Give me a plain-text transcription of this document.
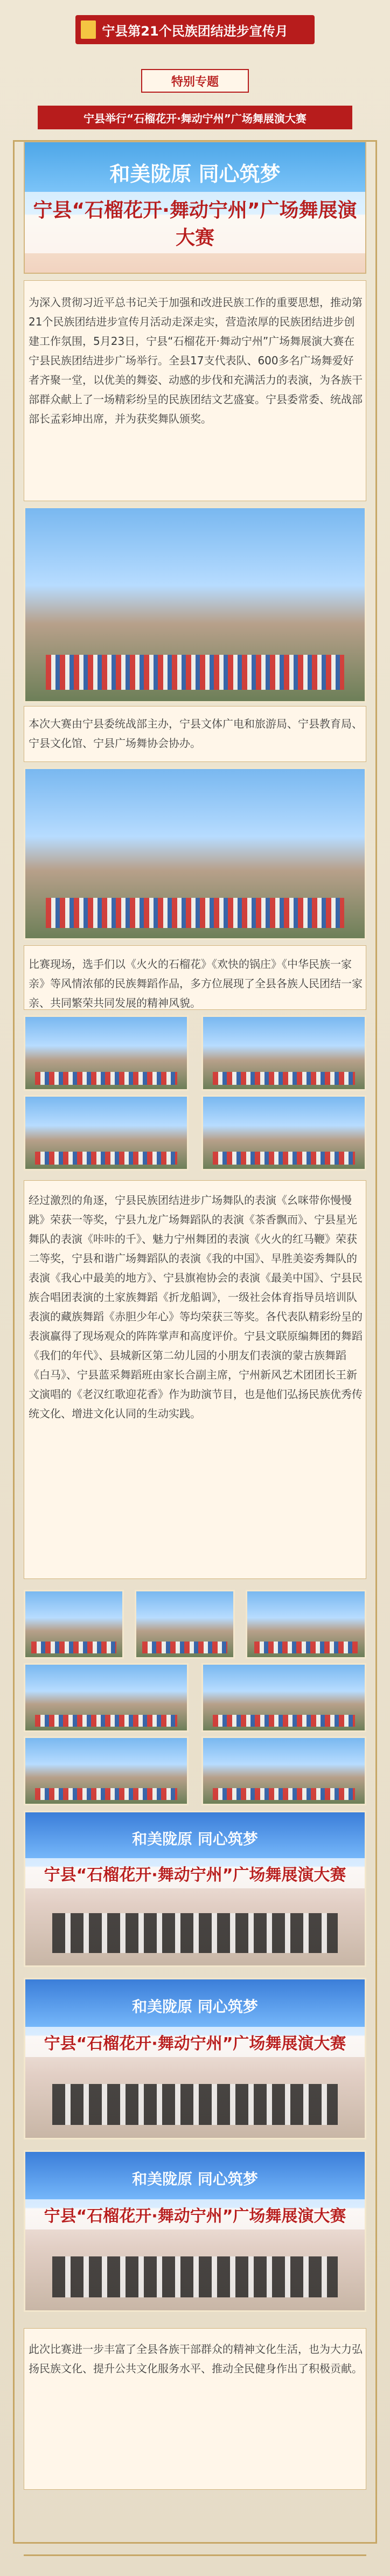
宁县第21个民族团结进步宣传月
特别专题
宁县举行“石榴花开·舞动宁州”广场舞展演大赛
和美陇原 同心筑梦
宁县“石榴花开·舞动宁州”广场舞展演大赛
为深入贯彻习近平总书记关于加强和改进民族工作的重要思想，推动第21个民族团结进步宣传月活动走深走实，营造浓厚的民族团结进步创建工作氛围，5月23日，宁县“石榴花开·舞动宁州”广场舞展演大赛在宁县民族团结进步广场举行。全县17支代表队、600多名广场舞爱好者齐聚一堂，以优美的舞姿、动感的步伐和充满活力的表演，为各族干部群众献上了一场精彩纷呈的民族团结文艺盛宴。宁县委常委、统战部部长孟彩坤出席，并为获奖舞队颁奖。
本次大赛由宁县委统战部主办，宁县文体广电和旅游局、宁县教育局、宁县文化馆、宁县广场舞协会协办。
比赛现场，选手们以《火火的石榴花》《欢快的锅庄》《中华民族一家亲》等风情浓郁的民族舞蹈作品，多方位展现了全县各族人民团结一家亲、共同繁荣共同发展的精神风貌。
经过激烈的角逐，宁县民族团结进步广场舞队的表演《幺咪带你慢慢跳》荣获一等奖，宁县九龙广场舞蹈队的表演《茶香飘而》、宁县星光舞队的表演《咔咔的千》、魅力宁州舞团的表演《火火的红马鞭》荣获二等奖，宁县和谐广场舞蹈队的表演《我的中国》、早胜美姿秀舞队的表演《我心中最美的地方》、宁县旗袍协会的表演《最美中国》、宁县民族合唱团表演的土家族舞蹈《折龙船调》，一级社会体育指导员培训队表演的藏族舞蹈《赤胆少年心》等均荣获三等奖。各代表队精彩纷呈的表演赢得了现场观众的阵阵掌声和高度评价。宁县文联原编舞团的舞蹈《我们的年代》、县城新区第二幼儿园的小朋友们表演的蒙古族舞蹈《白马》、宁县蓝采舞蹈班由家长合副主席，宁州新风艺术团团长王新文演唱的《老汉红歌迎花香》作为助演节目，也是他们弘扬民族优秀传统文化、增进文化认同的生动实践。
和美陇原 同心筑梦
宁县“石榴花开·舞动宁州”广场舞展演大赛
和美陇原 同心筑梦
宁县“石榴花开·舞动宁州”广场舞展演大赛
和美陇原 同心筑梦
宁县“石榴花开·舞动宁州”广场舞展演大赛
此次比赛进一步丰富了全县各族干部群众的精神文化生活，也为大力弘扬民族文化、提升公共文化服务水平、推动全民健身作出了积极贡献。
